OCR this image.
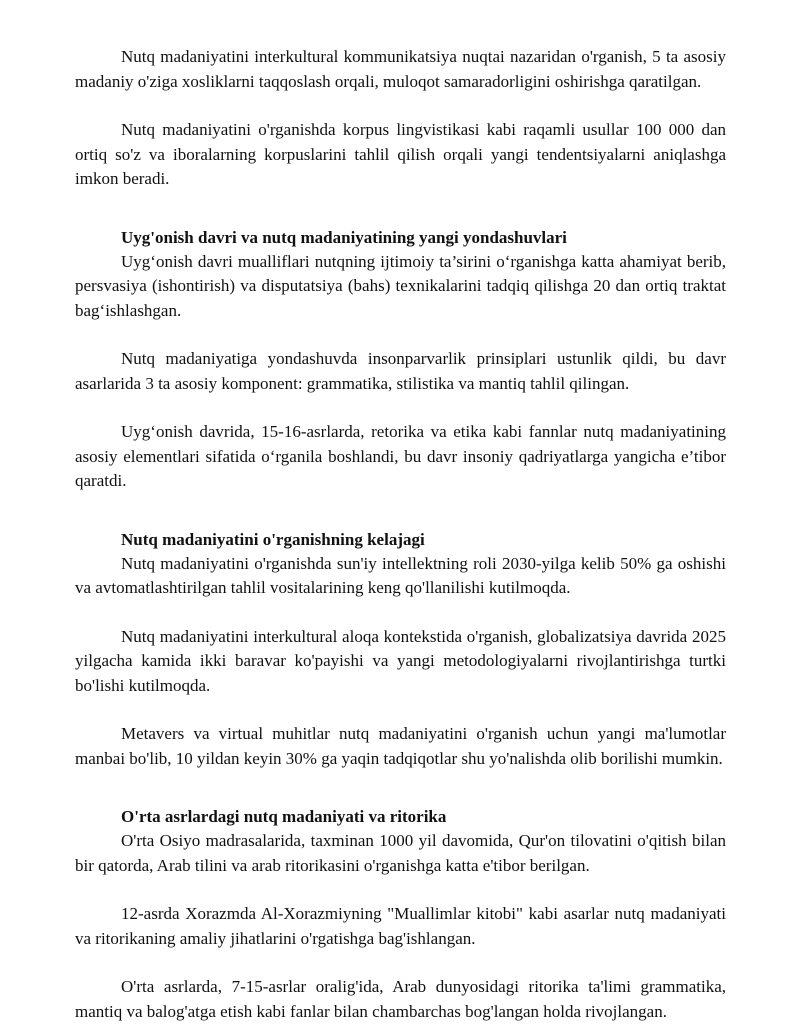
Nutq madaniyatini interkultural kommunikatsiya nuqtai nazaridan o'rganish, 5 ta asosiy madaniy o'ziga xosliklarni taqqoslash orqali, muloqot samaradorligini oshirishga qaratilgan.

Nutq madaniyatini o'rganishda korpus lingvistikasi kabi raqamli usullar 100 000 dan ortiq so'z va iboralarning korpuslarini tahlil qilish orqali yangi tendentsiyalarni aniqlashga imkon beradi.

Uyg'onish davri va nutq madaniyatining yangi yondashuvlari

Uyg‘onish davri mualliflari nutqning ijtimoiy ta’sirini o‘rganishga katta ahamiyat berib, persvasiya (ishontirish) va disputatsiya (bahs) texnikalarini tadqiq qilishga 20 dan ortiq traktat bag‘ishlashgan.

Nutq madaniyatiga yondashuvda insonparvarlik prinsiplari ustunlik qildi, bu davr asarlarida 3 ta asosiy komponent: grammatika, stilistika va mantiq tahlil qilingan.

Uyg‘onish davrida, 15-16-asrlarda, retorika va etika kabi fannlar nutq madaniyatining asosiy elementlari sifatida o‘rganila boshlandi, bu davr insoniy qadriyatlarga yangicha e’tibor qaratdi.

Nutq madaniyatini o'rganishning kelajagi

Nutq madaniyatini o'rganishda sun'iy intellektning roli 2030-yilga kelib 50% ga oshishi va avtomatlashtirilgan tahlil vositalarining keng qo'llanilishi kutilmoqda.

Nutq madaniyatini interkultural aloqa kontekstida o'rganish, globalizatsiya davrida 2025 yilgacha kamida ikki baravar ko'payishi va yangi metodologiyalarni rivojlantirishga turtki bo'lishi kutilmoqda.

Metavers va virtual muhitlar nutq madaniyatini o'rganish uchun yangi ma'lumotlar manbai bo'lib, 10 yildan keyin 30% ga yaqin tadqiqotlar shu yo'nalishda olib borilishi mumkin.

O'rta asrlardagi nutq madaniyati va ritorika

O'rta Osiyo madrasalarida, taxminan 1000 yil davomida, Qur'on tilovatini o'qitish bilan bir qatorda, Arab tilini va arab ritorikasini o'rganishga katta e'tibor berilgan.

12-asrda Xorazmda Al-Xorazmiyning "Muallimlar kitobi" kabi asarlar nutq madaniyati va ritorikaning amaliy jihatlarini o'rgatishga bag'ishlangan.

O'rta asrlarda, 7-15-asrlar oralig'ida, Arab dunyosidagi ritorika ta'limi grammatika, mantiq va balog'atga etish kabi fanlar bilan chambarchas bog'langan holda rivojlangan.
